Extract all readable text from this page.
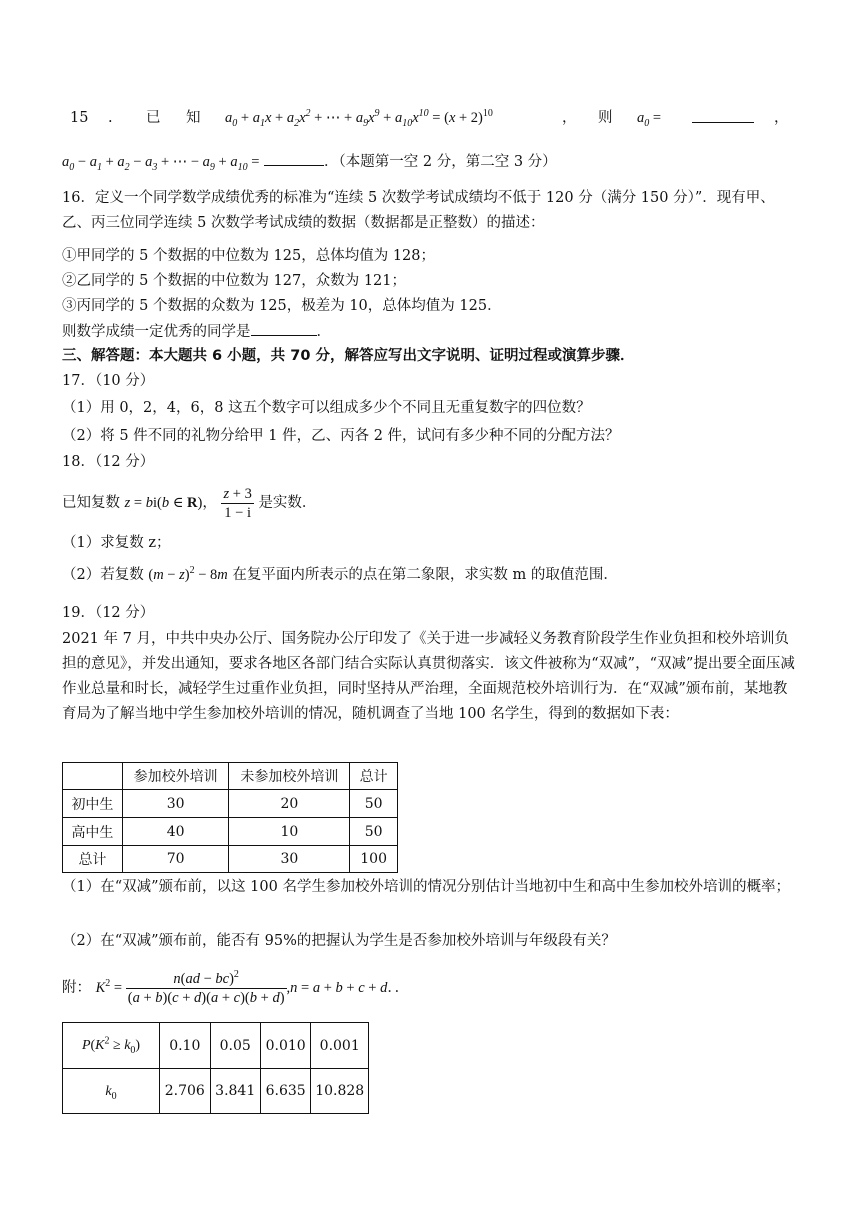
15 . 已 知 $a_0 + a_1x + a_2x^2$ + ⋯ + $a_9x^9 + a_{10}x^{10} = (x + 2)^{10}$	， 则 $a_0$ =	，
$a_0 - a_1 + a_2 - a_3$ + ⋯ − $a_9 + a_{10}$ =	．（本题第一空 2 分，第二空 3 分）
16．定义一个同学数学成绩优秀的标准为“连续 5 次数学考试成绩均不低于 120 分（满分 150 分）”．现有甲、乙、丙三位同学连续 5 次数学考试成绩的数据（数据都是正整数）的描述：
①甲同学的 5 个数据的中位数为 125，总体均值为 128；
②乙同学的 5 个数据的中位数为 127，众数为 121；
③丙同学的 5 个数据的众数为 125，极差为 10，总体均值为 125．
则数学成绩一定优秀的同学是	．
三、解答题：本大题共 6 小题，共 70 分，解答应写出文字说明、证明过程或演算步骤．
17．（10 分）
（1）用 0，2，4，6，8 这五个数字可以组成多少个不同且无重复数字的四位数？
（2）将 5 件不同的礼物分给甲 1 件，乙、丙各 2 件，试问有多少种不同的分配方法？
18．（12 分）
已知复数 z = bi(b ∈ R)， $\frac{z + 3}{1 - i}$ 是实数．
（1）求复数 z；
（2）若复数 $(m - z)^2 - 8m$ 在复平面内所表示的点在第二象限，求实数 m 的取值范围．
19．（12 分）
2021 年 7 月，中共中央办公厅、国务院办公厅印发了《关于进一步减轻义务教育阶段学生作业负担和校外培训负担的意见》，并发出通知，要求各地区各部门结合实际认真贯彻落实．该文件被称为“双减”，“双减”提出要全面压减作业总量和时长，减轻学生过重作业负担，同时坚持从严治理，全面规范校外培训行为．在“双减”颁布前，某地教育局为了解当地中学生参加校外培训的情况，随机调查了当地 100 名学生，得到的数据如下表：
	参加校外培训	未参加校外培训	总计
初中生	30	20	50
高中生	40	10	50
总计	70	30	100
（1）在“双减”颁布前，以这 100 名学生参加校外培训的情况分别估计当地初中生和高中生参加校外培训的概率；
（2）在“双减”颁布前，能否有 95%的把握认为学生是否参加校外培训与年级段有关？
附： $K^2 = \frac{n(ad - bc)^2}{(a + b)(c + d)(a + c)(b + d)} ,n = a + b + c + d$．．
$P(K^2 \ge k_0)$	0.10	0.05	0.010	0.001
$k_0$	2.706	3.841	6.635	10.828
